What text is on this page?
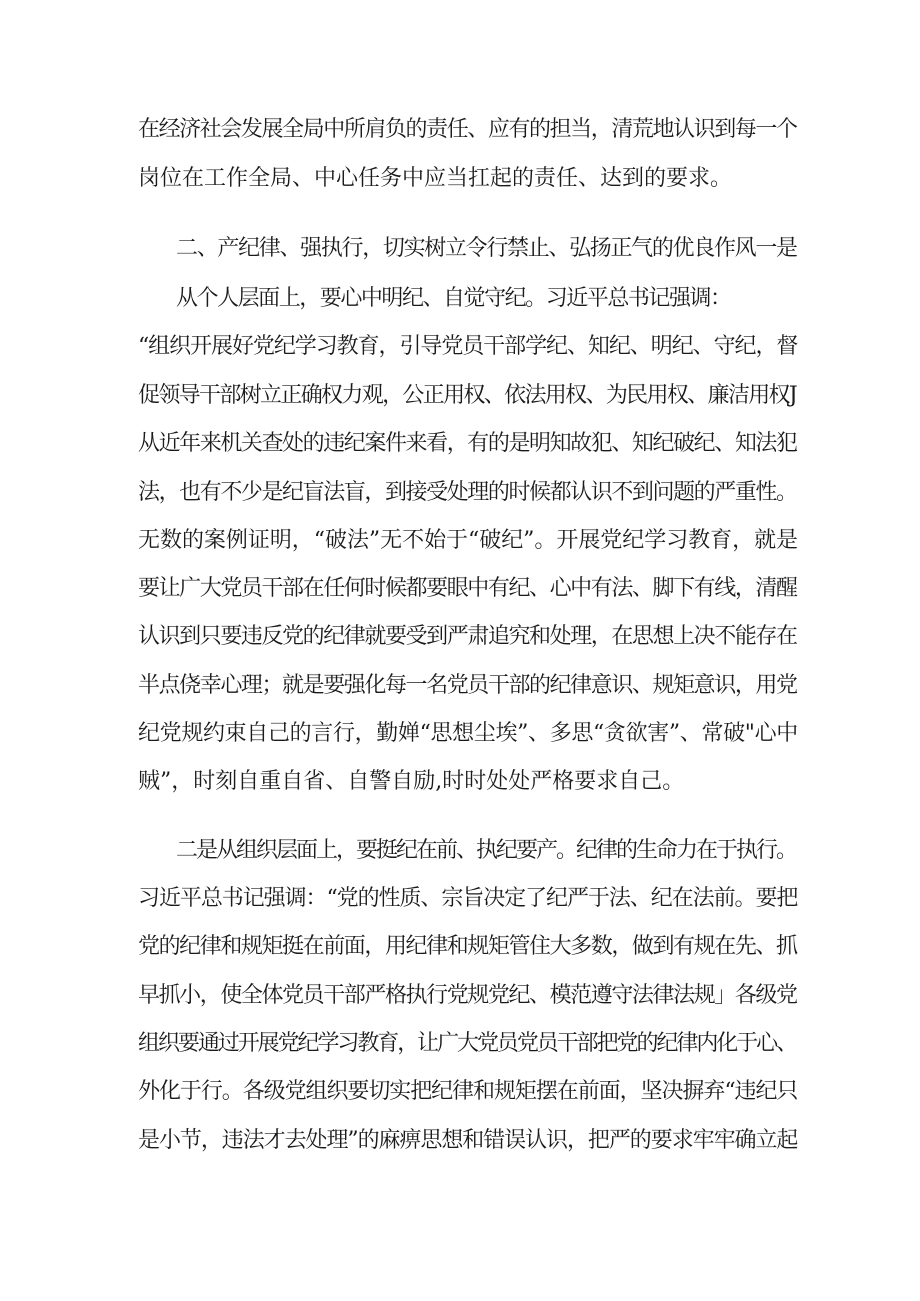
在经济社会发展全局中所肩负的责任、应有的担当，清荒地认识到每一个
岗位在工作全局、中心任务中应当扛起的责任、达到的要求。
二、产纪律、强执行，切实树立令行禁止、弘扬正气的优良作风一是
从个人层面上，要心中明纪、自觉守纪。习近平总书记强调：
“组织开展好党纪学习教育，引导党员干部学纪、知纪、明纪、守纪，督
促领导干部树立正确权力观，公正用权、依法用权、为民用权、廉洁用权J
从近年来机关查处的违纪案件来看，有的是明知故犯、知纪破纪、知法犯
法，也有不少是纪盲法盲，到接受处理的时候都认识不到问题的严重性。
无数的案例证明，“破法”无不始于“破纪”。开展党纪学习教育，就是
要让广大党员干部在任何时候都要眼中有纪、心中有法、脚下有线，清醒
认识到只要违反党的纪律就要受到严肃追究和处理，在思想上决不能存在
半点侥幸心理；就是要强化每一名党员干部的纪律意识、规矩意识，用党
纪党规约束自己的言行，勤婵“思想尘埃”、多思“贪欲害”、常破"心中
贼”，时刻自重自省、自警自励,时时处处严格要求自己。
二是从组织层面上，要挺纪在前、执纪要产。纪律的生命力在于执行。
习近平总书记强调：“党的性质、宗旨决定了纪严于法、纪在法前。要把
党的纪律和规矩挺在前面，用纪律和规矩管住大多数，做到有规在先、抓
早抓小，使全体党员干部严格执行党规党纪、模范遵守法律法规」各级党
组织要通过开展党纪学习教育，让广大党员党员干部把党的纪律内化于心、
外化于行。各级党组织要切实把纪律和规矩摆在前面，坚决摒弃“违纪只
是小节，违法才去处理”的麻痹思想和错误认识，把严的要求牢牢确立起
